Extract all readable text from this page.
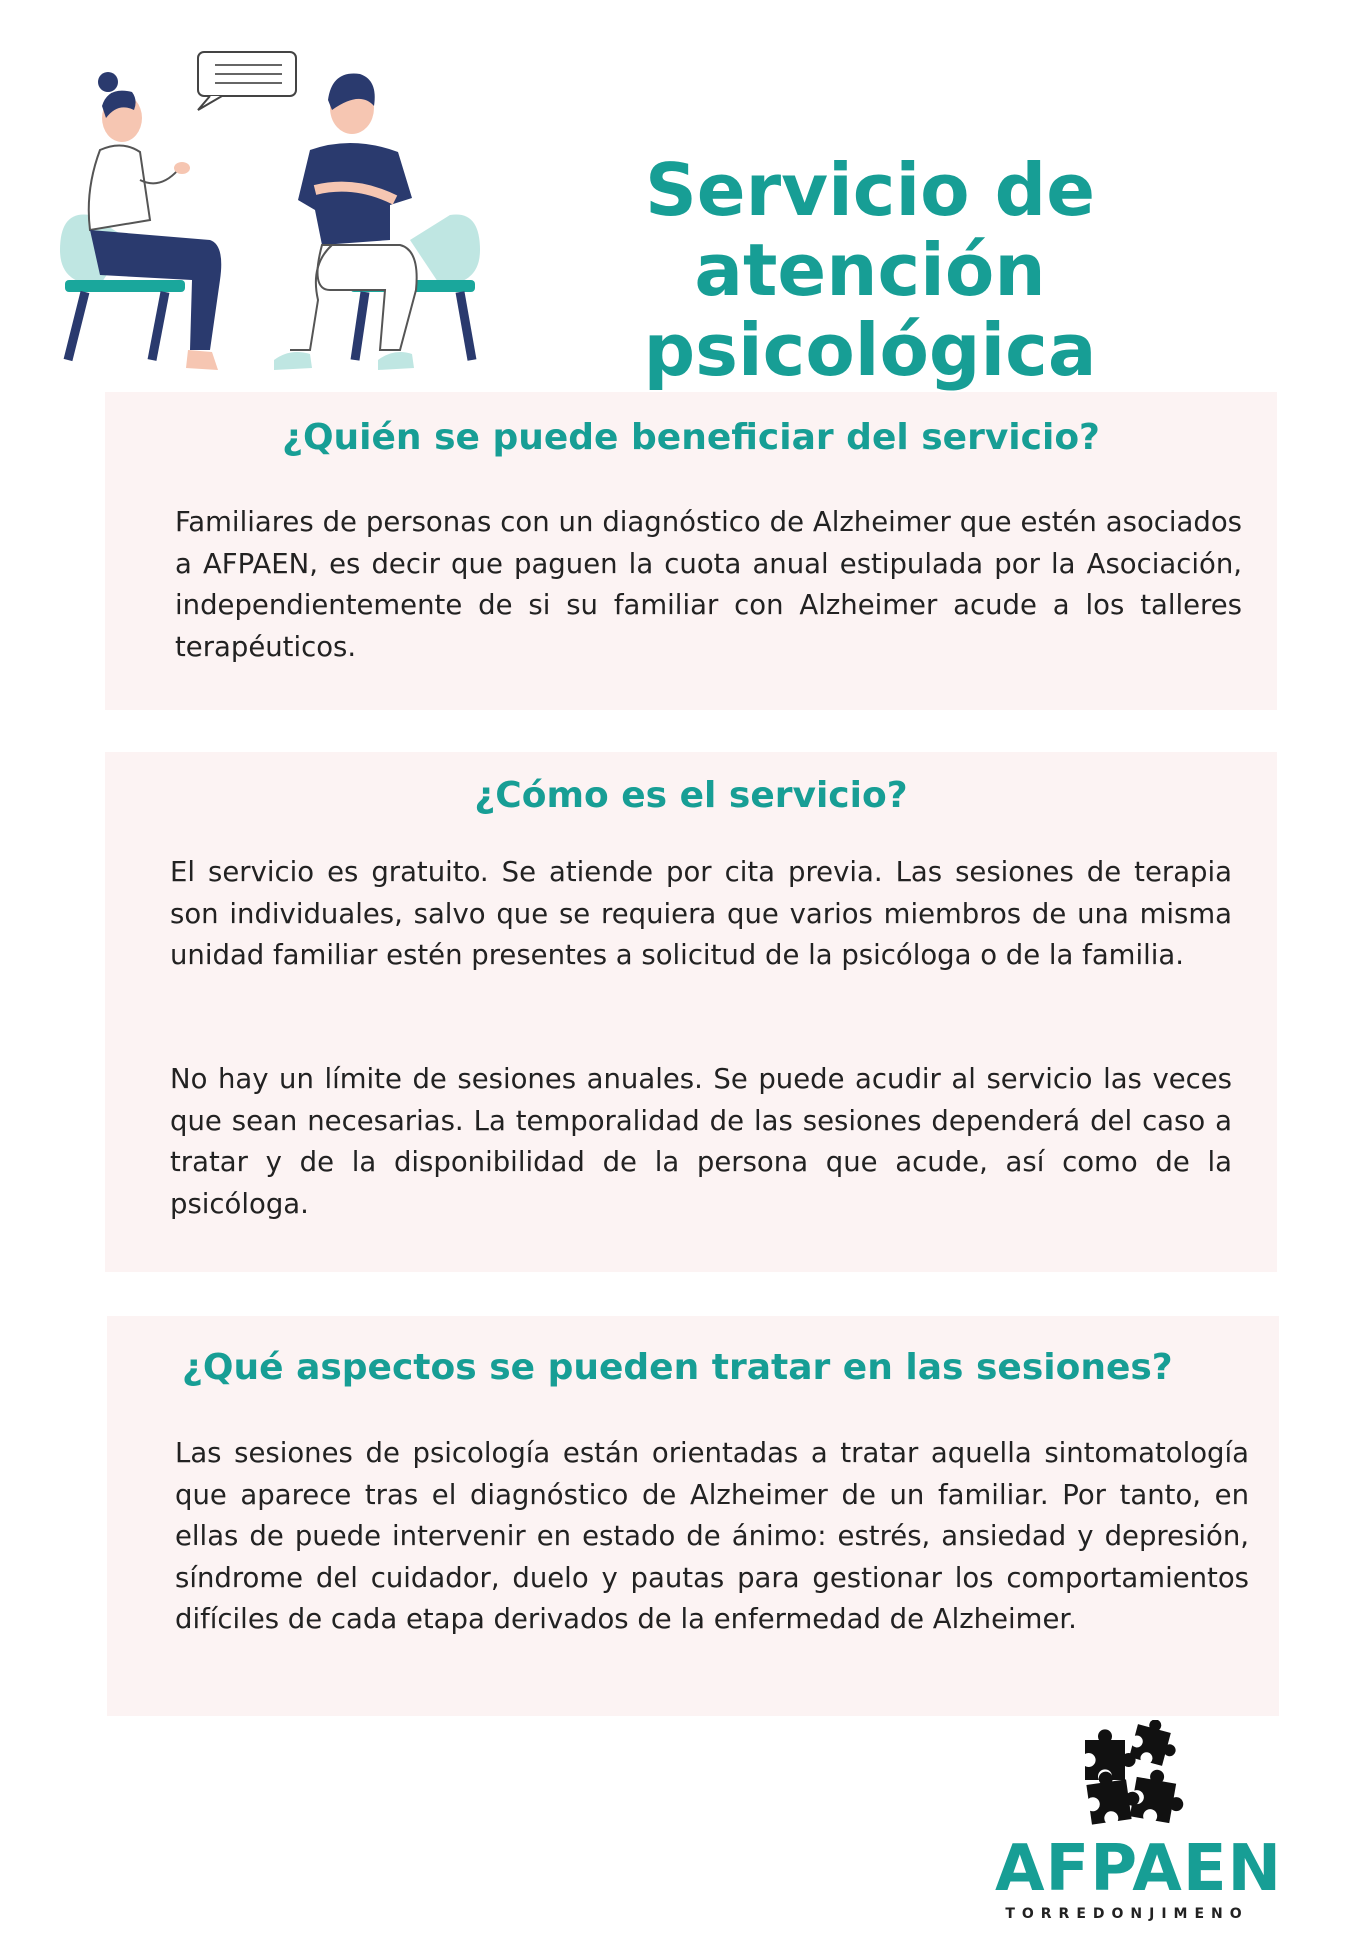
Servicio de atención
psicológica
¿Quién se puede beneficiar del servicio?

Familiares de personas con un diagnóstico de Alzheimer que estén asociados a AFPAEN, es decir que paguen la cuota anual estipulada por la Asociación, independientemente de si su familiar con Alzheimer acude a los talleres terapéuticos.

¿Cómo es el servicio?

El servicio es gratuito. Se atiende por cita previa. Las sesiones de terapia son individuales, salvo que se requiera que varios miembros de una misma unidad familiar estén presentes a solicitud de la psicóloga o de la familia.

No hay un límite de sesiones anuales. Se puede acudir al servicio las veces que sean necesarias. La temporalidad de las sesiones dependerá del caso a tratar y de la disponibilidad de la persona que acude, así como de la psicóloga.

¿Qué aspectos se pueden tratar en las sesiones?

Las sesiones de psicología están orientadas a tratar aquella sintomatología que aparece tras el diagnóstico de Alzheimer de un familiar. Por tanto, en ellas de puede intervenir en estado de ánimo: estrés, ansiedad y depresión, síndrome del cuidador, duelo y pautas para gestionar los comportamientos difíciles de cada etapa derivados de la enfermedad de Alzheimer.

AFPAEN
TORREDONJIMENO
